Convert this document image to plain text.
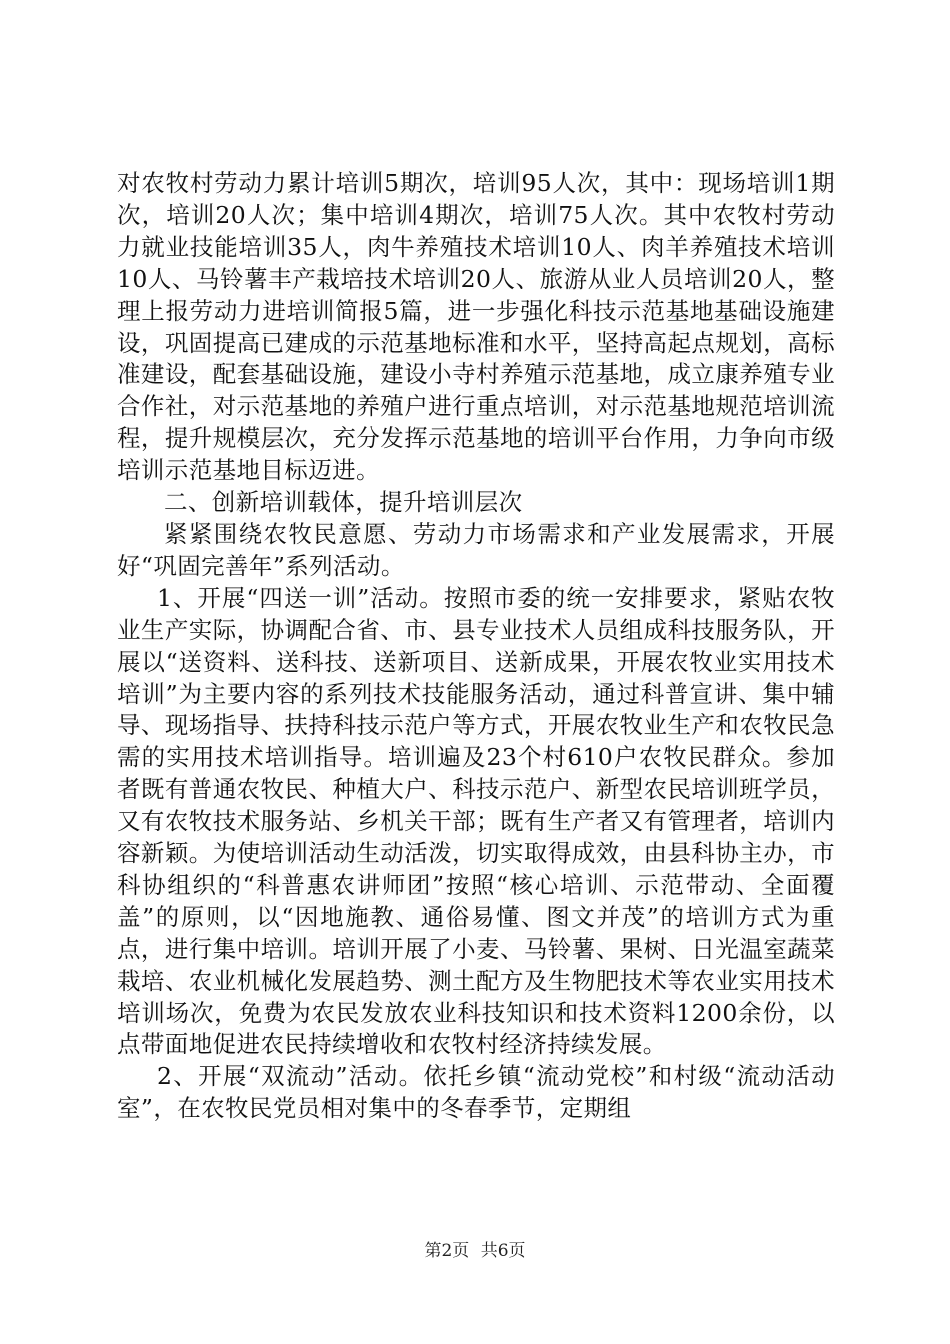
对农牧村劳动力累计培训5期次，培训95人次，其中：现场培训1期次，培训20人次；集中培训4期次，培训75人次。其中农牧村劳动力就业技能培训35人，肉牛养殖技术培训10人、肉羊养殖技术培训10人、马铃薯丰产栽培技术培训20人、旅游从业人员培训20人，整理上报劳动力进培训简报5篇，进一步强化科技示范基地基础设施建设，巩固提高已建成的示范基地标准和水平，坚持高起点规划，高标准建设，配套基础设施，建设小寺村养殖示范基地，成立康养殖专业合作社，对示范基地的养殖户进行重点培训，对示范基地规范培训流程，提升规模层次，充分发挥示范基地的培训平台作用，力争向市级培训示范基地目标迈进。

二、创新培训载体，提升培训层次

紧紧围绕农牧民意愿、劳动力市场需求和产业发展需求，开展好“巩固完善年”系列活动。

1、开展“四送一训”活动。按照市委的统一安排要求，紧贴农牧业生产实际，协调配合省、市、县专业技术人员组成科技服务队，开展以“送资料、送科技、送新项目、送新成果，开展农牧业实用技术培训”为主要内容的系列技术技能服务活动，通过科普宣讲、集中辅导、现场指导、扶持科技示范户等方式，开展农牧业生产和农牧民急需的实用技术培训指导。培训遍及23个村610户农牧民群众。参加者既有普通农牧民、种植大户、科技示范户、新型农民培训班学员，又有农牧技术服务站、乡机关干部；既有生产者又有管理者，培训内容新颖。为使培训活动生动活泼，切实取得成效，由县科协主办，市科协组织的“科普惠农讲师团”按照“核心培训、示范带动、全面覆盖”的原则，以“因地施教、通俗易懂、图文并茂”的培训方式为重点，进行集中培训。培训开展了小麦、马铃薯、果树、日光温室蔬菜栽培、农业机械化发展趋势、测土配方及生物肥技术等农业实用技术培训场次，免费为农民发放农业科技知识和技术资料1200余份，以点带面地促进农民持续增收和农牧村经济持续发展。

2、开展“双流动”活动。依托乡镇“流动党校”和村级“流动活动室”，在农牧民党员相对集中的冬春季节，定期组

第2页 共6页
